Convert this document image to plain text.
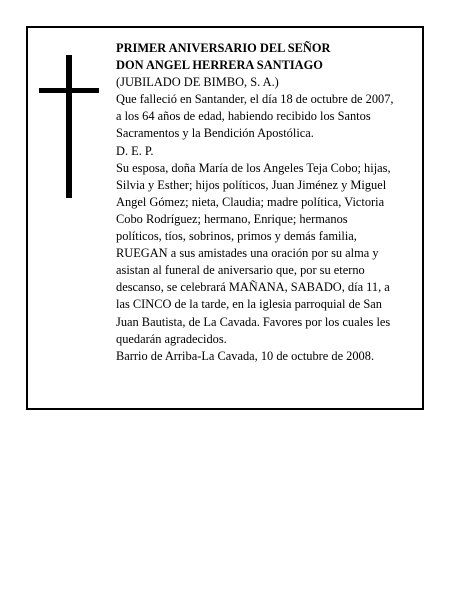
PRIMER ANIVERSARIO DEL SEÑOR
DON ANGEL HERRERA SANTIAGO
(JUBILADO DE BIMBO, S. A.)
Que falleció en Santander, el día 18 de octubre de 2007,
a los 64 años de edad, habiendo recibido los Santos
Sacramentos y la Bendición Apostólica.
D. E. P.
Su esposa, doña María de los Angeles Teja Cobo; hijas,
Silvia y Esther; hijos políticos, Juan Jiménez y Miguel
Angel Gómez; nieta, Claudia; madre política, Victoria
Cobo Rodríguez; hermano, Enrique; hermanos
políticos, tíos, sobrinos, primos y demás familia,
RUEGAN a sus amistades una oración por su alma y
asistan al funeral de aniversario que, por su eterno
descanso, se celebrará MAÑANA, SABADO, día 11, a
las CINCO de la tarde, en la iglesia parroquial de San
Juan Bautista, de La Cavada. Favores por los cuales les
quedarán agradecidos.
Barrio de Arriba-La Cavada, 10 de octubre de 2008.
